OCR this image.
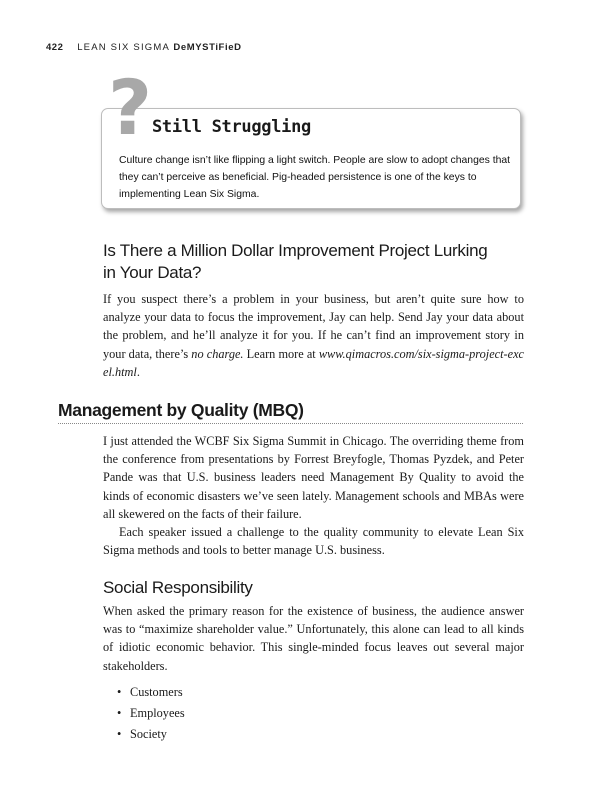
422 LEAN SIX SIGMA DeMYSTiFieD
? Still Struggling
Culture change isn’t like flipping a light switch. People are slow to adopt changes that they can’t perceive as beneficial. Pig-headed persistence is one of the keys to implementing Lean Six Sigma.
Is There a Million Dollar Improvement Project Lurking
in Your Data?
If you suspect there’s a problem in your business, but aren’t quite sure how to analyze your data to focus the improvement, Jay can help. Send Jay your data about the problem, and he’ll analyze it for you. If he can’t find an improvement story in your data, there’s no charge. Learn more at www.qimacros.com/six-sigma-project-excel.html.
Management by Quality (MBQ)
I just attended the WCBF Six Sigma Summit in Chicago. The overriding theme from the conference from presentations by Forrest Breyfogle, Thomas Pyzdek, and Peter Pande was that U.S. business leaders need Management By Quality to avoid the kinds of economic disasters we’ve seen lately. Management schools and MBAs were all skewered on the facts of their failure.
Each speaker issued a challenge to the quality community to elevate Lean Six Sigma methods and tools to better manage U.S. business.
Social Responsibility
When asked the primary reason for the existence of business, the audience answer was to “maximize shareholder value.” Unfortunately, this alone can lead to all kinds of idiotic economic behavior. This single-minded focus leaves out several major stakeholders.
• Customers
• Employees
• Society
